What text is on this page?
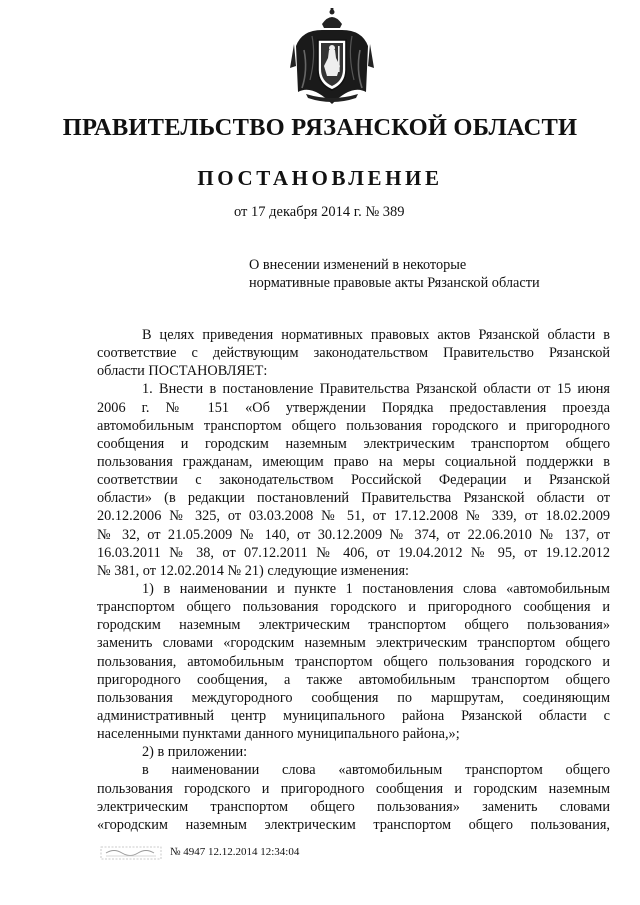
ПРАВИТЕЛЬСТВО РЯЗАНСКОЙ ОБЛАСТИ
ПОСТАНОВЛЕНИЕ
от 17 декабря 2014 г. № 389
О внесении изменений в некоторые
нормативные правовые акты Рязанской области
В целях приведения нормативных правовых актов Рязанской области в
соответствие с действующим законодательством Правительство Рязанской
области ПОСТАНОВЛЯЕТ:
1. Внести в постановление Правительства Рязанской области от 15 июня
2006 г. № 151 «Об утверждении Порядка предоставления проезда
автомобильным транспортом общего пользования городского и пригородного
сообщения и городским наземным электрическим транспортом общего
пользования гражданам, имеющим право на меры социальной поддержки в
соответствии с законодательством Российской Федерации и Рязанской
области» (в редакции постановлений Правительства Рязанской области от
20.12.2006 № 325, от 03.03.2008 № 51, от 17.12.2008 № 339, от 18.02.2009
№ 32, от 21.05.2009 № 140, от 30.12.2009 № 374, от 22.06.2010 № 137, от
16.03.2011 № 38, от 07.12.2011 № 406, от 19.04.2012 № 95, от 19.12.2012
№ 381, от 12.02.2014 № 21) следующие изменения:
1) в наименовании и пункте 1 постановления слова «автомобильным
транспортом общего пользования городского и пригородного сообщения и
городским наземным электрическим транспортом общего пользования»
заменить словами «городским наземным электрическим транспортом общего
пользования, автомобильным транспортом общего пользования городского и
пригородного сообщения, а также автомобильным транспортом общего
пользования междугородного сообщения по маршрутам, соединяющим
административный центр муниципального района Рязанской области с
населенными пунктами данного муниципального района,»;
2) в приложении:
в наименовании слова «автомобильным транспортом общего
пользования городского и пригородного сообщения и городским наземным
электрическим транспортом общего пользования» заменить словами
«городским наземным электрическим транспортом общего пользования,
№ 4947 12.12.2014 12:34:04
